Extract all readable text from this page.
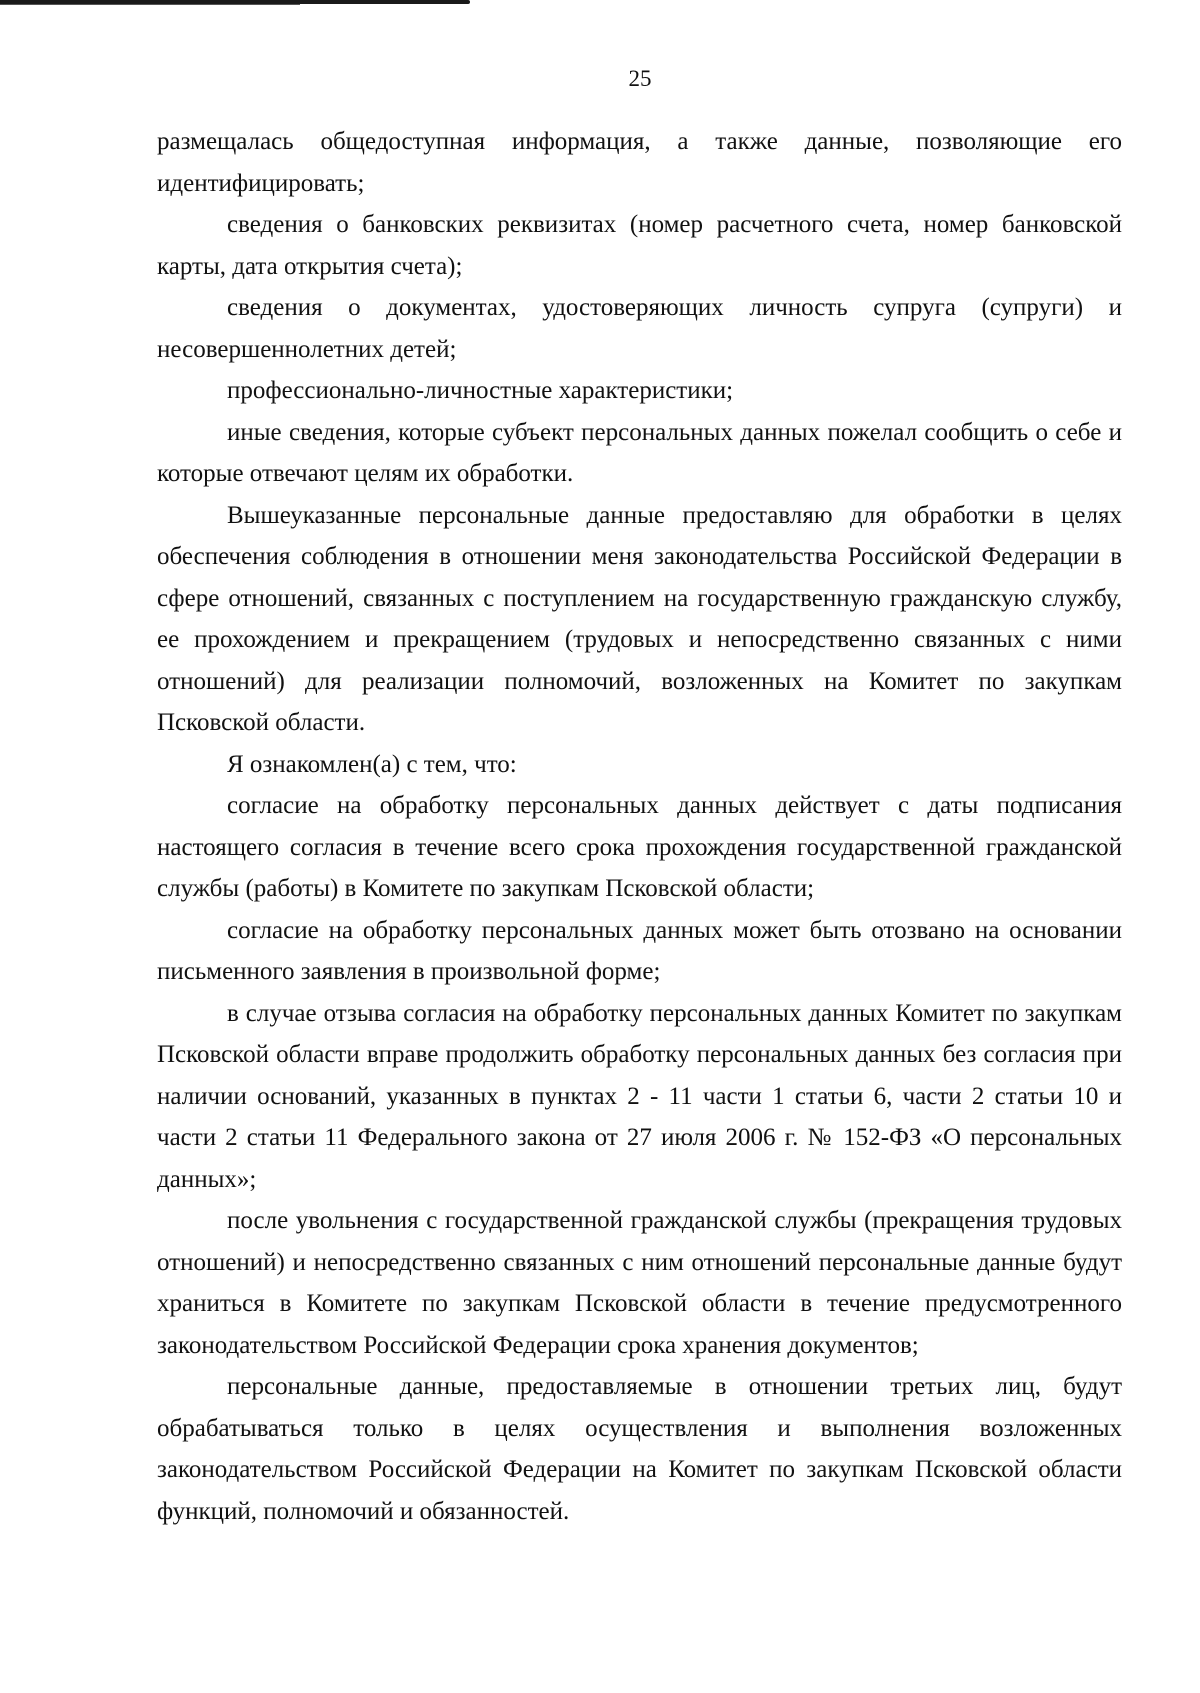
25

размещалась общедоступная информация, а также данные, позволяющие его идентифицировать;

сведения о банковских реквизитах (номер расчетного счета, номер банковской карты, дата открытия счета);

сведения о документах, удостоверяющих личность супруга (супруги) и несовершеннолетних детей;

профессионально-личностные характеристики;

иные сведения, которые субъект персональных данных пожелал сообщить о себе и которые отвечают целям их обработки.

Вышеуказанные персональные данные предоставляю для обработки в целях обеспечения соблюдения в отношении меня законодательства Российской Федерации в сфере отношений, связанных с поступлением на государственную гражданскую службу, ее прохождением и прекращением (трудовых и непосредственно связанных с ними отношений) для реализации полномочий, возложенных на Комитет по закупкам Псковской области.

Я ознакомлен(а) с тем, что:

согласие на обработку персональных данных действует с даты подписания настоящего согласия в течение всего срока прохождения государственной гражданской службы (работы) в Комитете по закупкам Псковской области;

согласие на обработку персональных данных может быть отозвано на основании письменного заявления в произвольной форме;

в случае отзыва согласия на обработку персональных данных Комитет по закупкам Псковской области вправе продолжить обработку персональных данных без согласия при наличии оснований, указанных в пунктах 2 - 11 части 1 статьи 6, части 2 статьи 10 и части 2 статьи 11 Федерального закона от 27 июля 2006 г. № 152-ФЗ «О персональных данных»;

после увольнения с государственной гражданской службы (прекращения трудовых отношений) и непосредственно связанных с ним отношений персональные данные будут храниться в Комитете по закупкам Псковской области в течение предусмотренного законодательством Российской Федерации срока хранения документов;

персональные данные, предоставляемые в отношении третьих лиц, будут обрабатываться только в целях осуществления и выполнения возложенных законодательством Российской Федерации на Комитет по закупкам Псковской области функций, полномочий и обязанностей.
